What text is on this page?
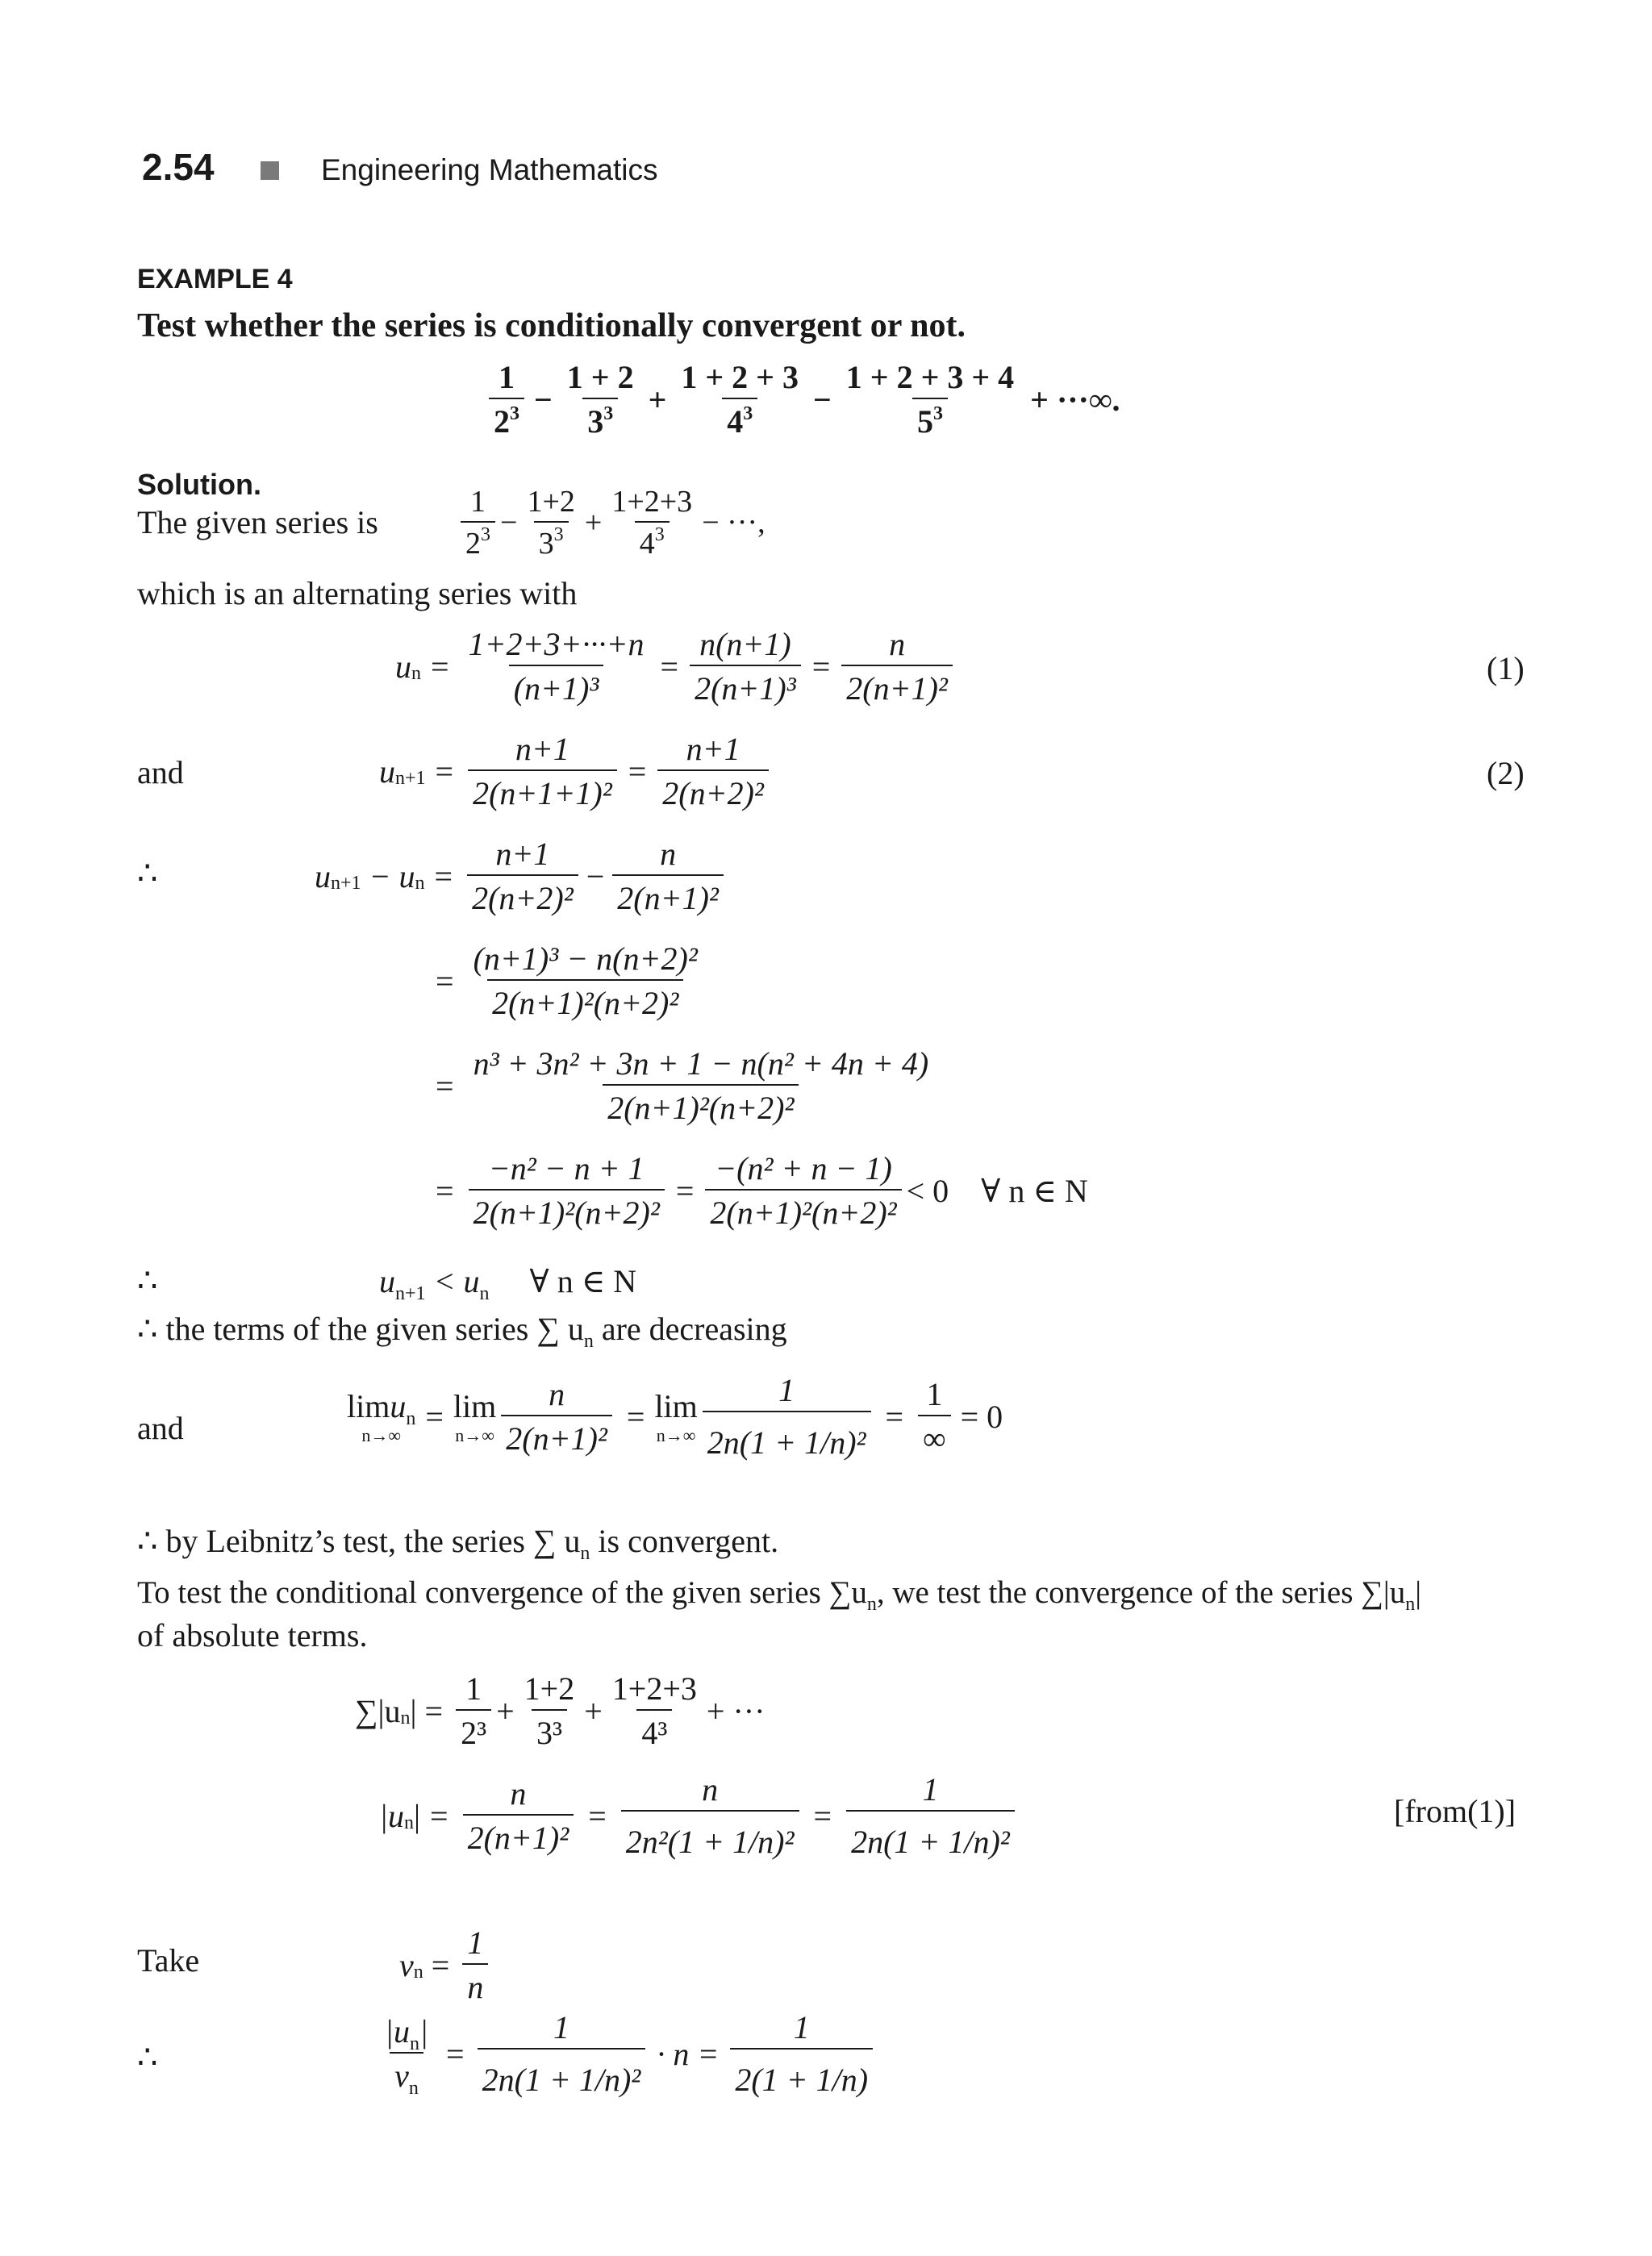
2.54	Engineering Mathematics
EXAMPLE 4
Test whether the series is conditionally convergent or not.
$\frac{1}{2^3} - \frac{1 + 2}{3^3} + \frac{1 + 2 + 3}{4^3} - \frac{1 + 2 + 3 + 4}{5^3}$ + ···∞.
Solution.
The given series is	$\frac{1}{2^3} - \frac{1+2}{3^3} + \frac{1+2+3}{4^3}$ − ···,
which is an alternating series with
u $n = \frac{1+2+3+\cdot\cdot\cdot+n}{\text{(n+1)³}} = \frac{n(n+1)}{\text{2(n+1)³}} = \frac{n}{\text{2(n+1)²}}$	(1)
and	u $n+1 = \frac{n+1}{\text{2(n+1+1)²}} = \frac{n+1}{\text{2(n+2)²}}$	(2)
∴	u n+1 − u $n = \frac{n+1}{\text{2(n+2)²}} - \frac{n}{\text{2(n+1)²}}$
= $\frac{\text{(n+1)³ − n(n+2)²}}{\text{2(n+1)²(n+2)²}}$
= $\frac{\text{n³ + 3n² + 3n + 1 − n(n² + 4n + 4)}}{\text{2(n+1)²(n+2)²}}$
= $\frac{\text{−n² − n + 1}}{\text{2(n+1)²(n+2)²}} = \frac{\text{−(n² + n − 1)}}{\text{2(n+1)²(n+2)²}} < 0$    ∀ n ∈ N
∴	$u_{n+1} < u_n$ ∀ n ∈ N
∴ the terms of the given series ∑ $u_n$ are decreasing
and
limu$_n$
n→∞
= lim
$n\to\infty \frac{n}{\text{2(n+1)²}} = \lim$
$n\to\infty \frac{1}{\text{2n(1 + 1/n)²}} = \frac{1}{\infty} = 0$
∴ by Leibnitz’s test, the series ∑ $u_n$ is convergent.
To test the conditional convergence of the given series $\sum u_n$, we test the convergence of the series $\sum|u_n|$
of absolute terms.
∑|u n | = $\frac{1}{\text{2³}} + \frac{1+2}{\text{3³}} + \frac{1+2+3}{\text{4³}}$ + ···
|u n | = $\frac{n}{\text{2(n+1)²}} = \frac{n}{\text{2n²(1 + 1/n)²}} = \frac{1}{\text{2n(1 + 1/n)²}}$	[from(1)]
Take	v $n = \frac{1}{n}$
∴	$\frac{|u_n|}{v_n} = \frac{1}{\text{2n(1 + 1/n)²}} \cdot n = \frac{1}{2(1 + 1/n)}$
